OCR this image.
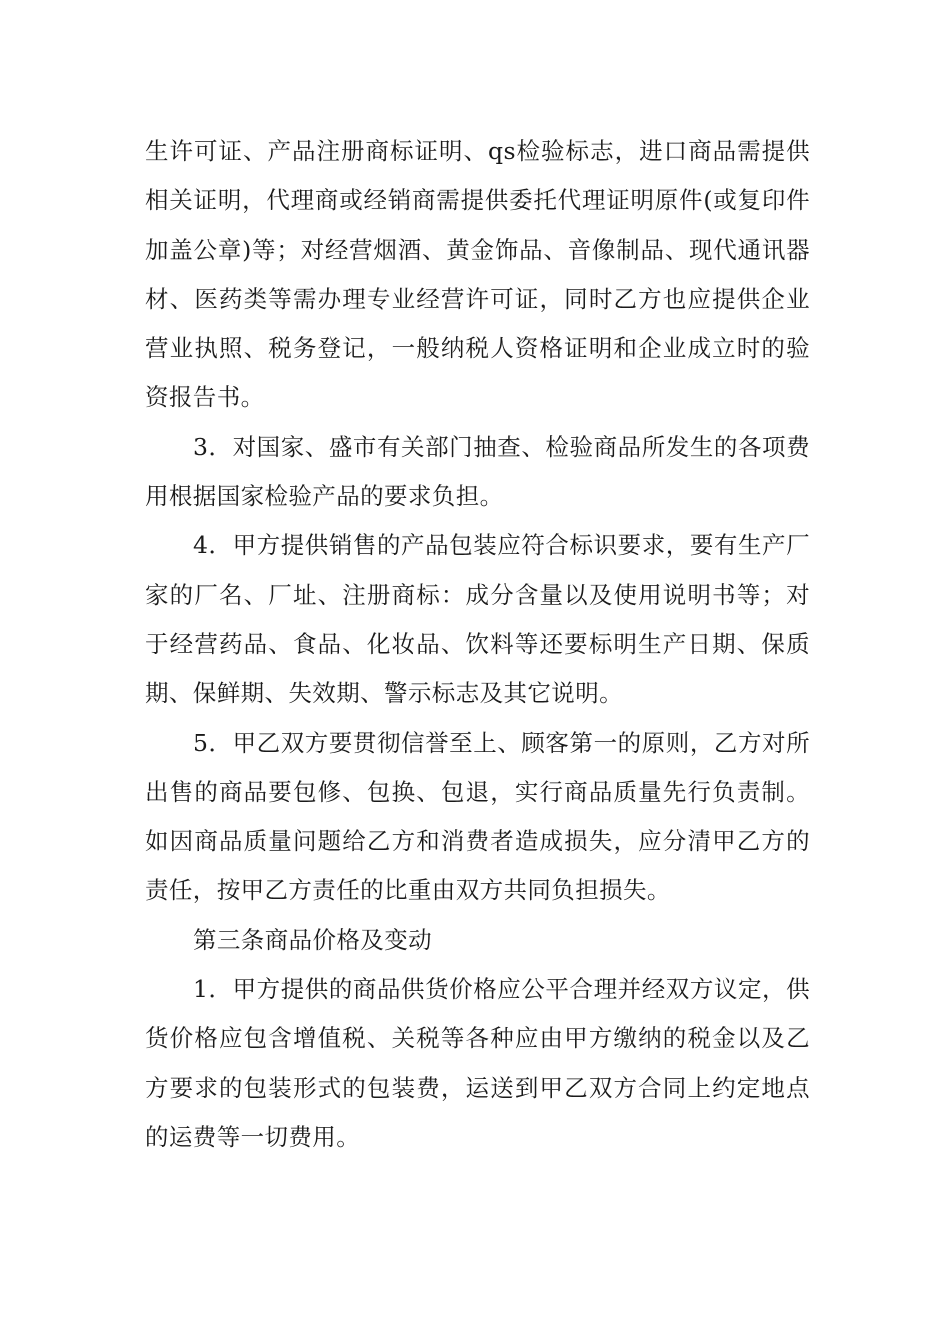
生许可证、产品注册商标证明、qs检验标志，进口商品需提供相关证明，代理商或经销商需提供委托代理证明原件(或复印件加盖公章)等；对经营烟酒、黄金饰品、音像制品、现代通讯器材、医药类等需办理专业经营许可证，同时乙方也应提供企业营业执照、税务登记，一般纳税人资格证明和企业成立时的验资报告书。

3．对国家、盛市有关部门抽查、检验商品所发生的各项费用根据国家检验产品的要求负担。

4．甲方提供销售的产品包装应符合标识要求，要有生产厂家的厂名、厂址、注册商标：成分含量以及使用说明书等；对于经营药品、食品、化妆品、饮料等还要标明生产日期、保质期、保鲜期、失效期、警示标志及其它说明。

5．甲乙双方要贯彻信誉至上、顾客第一的原则，乙方对所出售的商品要包修、包换、包退，实行商品质量先行负责制。如因商品质量问题给乙方和消费者造成损失，应分清甲乙方的责任，按甲乙方责任的比重由双方共同负担损失。

第三条商品价格及变动

1．甲方提供的商品供货价格应公平合理并经双方议定，供货价格应包含增值税、关税等各种应由甲方缴纳的税金以及乙方要求的包装形式的包装费，运送到甲乙双方合同上约定地点的运费等一切费用。
